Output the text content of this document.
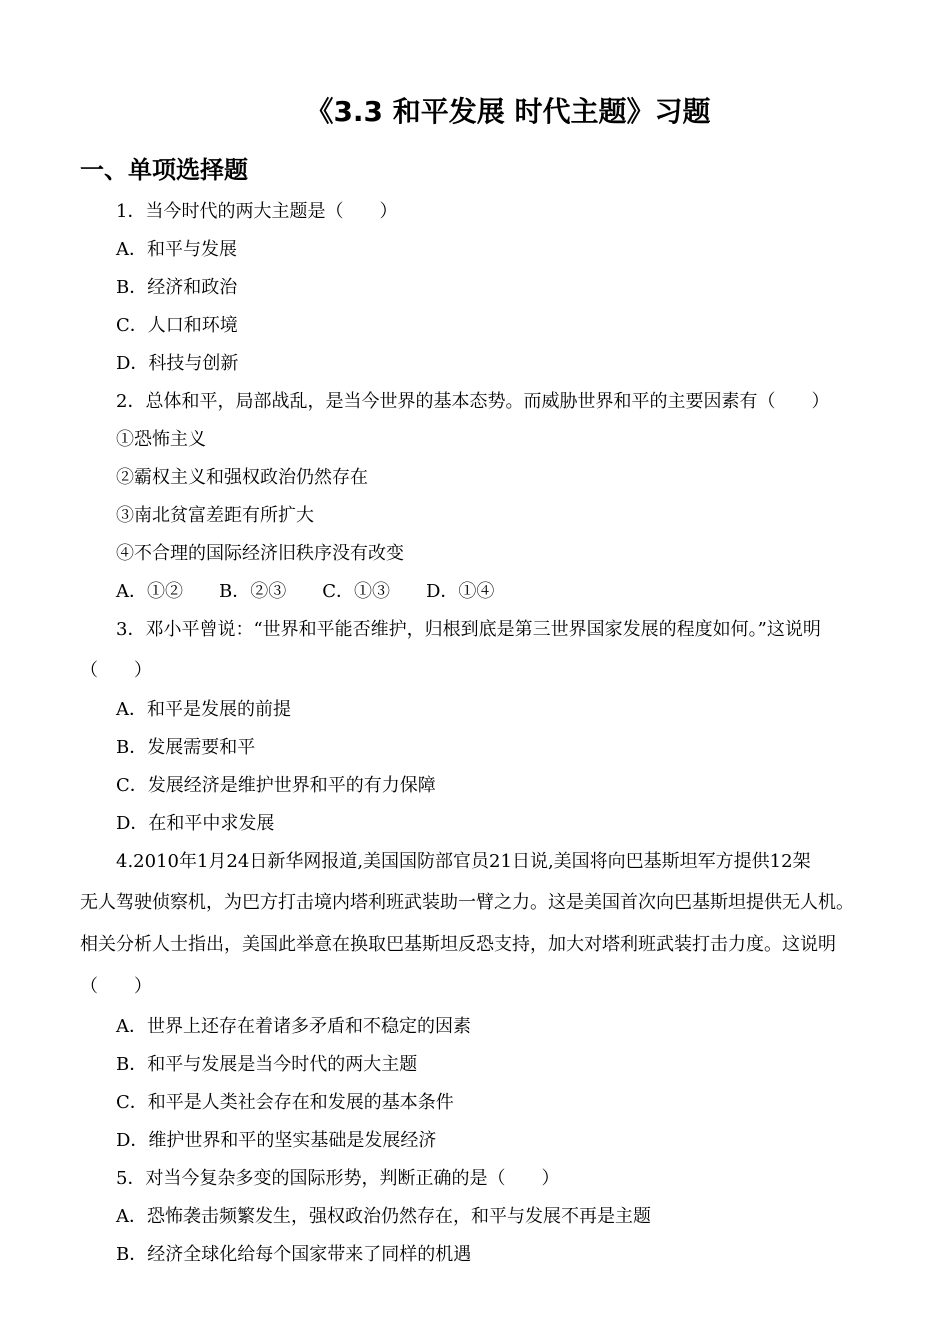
《3.3 和平发展 时代主题》习题
一、单项选择题
1．当今时代的两大主题是（　　）
A．和平与发展
B．经济和政治
C．人口和环境
D．科技与创新
2．总体和平，局部战乱，是当今世界的基本态势。而威胁世界和平的主要因素有（　　）
①恐怖主义
②霸权主义和强权政治仍然存在
③南北贫富差距有所扩大
④不合理的国际经济旧秩序没有改变
A．①②　　B．②③　　C．①③　　D．①④
3．邓小平曾说：“世界和平能否维护，归根到底是第三世界国家发展的程度如何。”这说明
（　　）
A．和平是发展的前提
B．发展需要和平
C．发展经济是维护世界和平的有力保障
D．在和平中求发展
4.2010年1月24日新华网报道,美国国防部官员21日说,美国将向巴基斯坦军方提供12架
无人驾驶侦察机，为巴方打击境内塔利班武装助一臂之力。这是美国首次向巴基斯坦提供无人机。
相关分析人士指出，美国此举意在换取巴基斯坦反恐支持，加大对塔利班武装打击力度。这说明
（　　）
A．世界上还存在着诸多矛盾和不稳定的因素
B．和平与发展是当今时代的两大主题
C．和平是人类社会存在和发展的基本条件
D．维护世界和平的坚实基础是发展经济
5．对当今复杂多变的国际形势，判断正确的是（　　）
A．恐怖袭击频繁发生，强权政治仍然存在，和平与发展不再是主题
B．经济全球化给每个国家带来了同样的机遇
